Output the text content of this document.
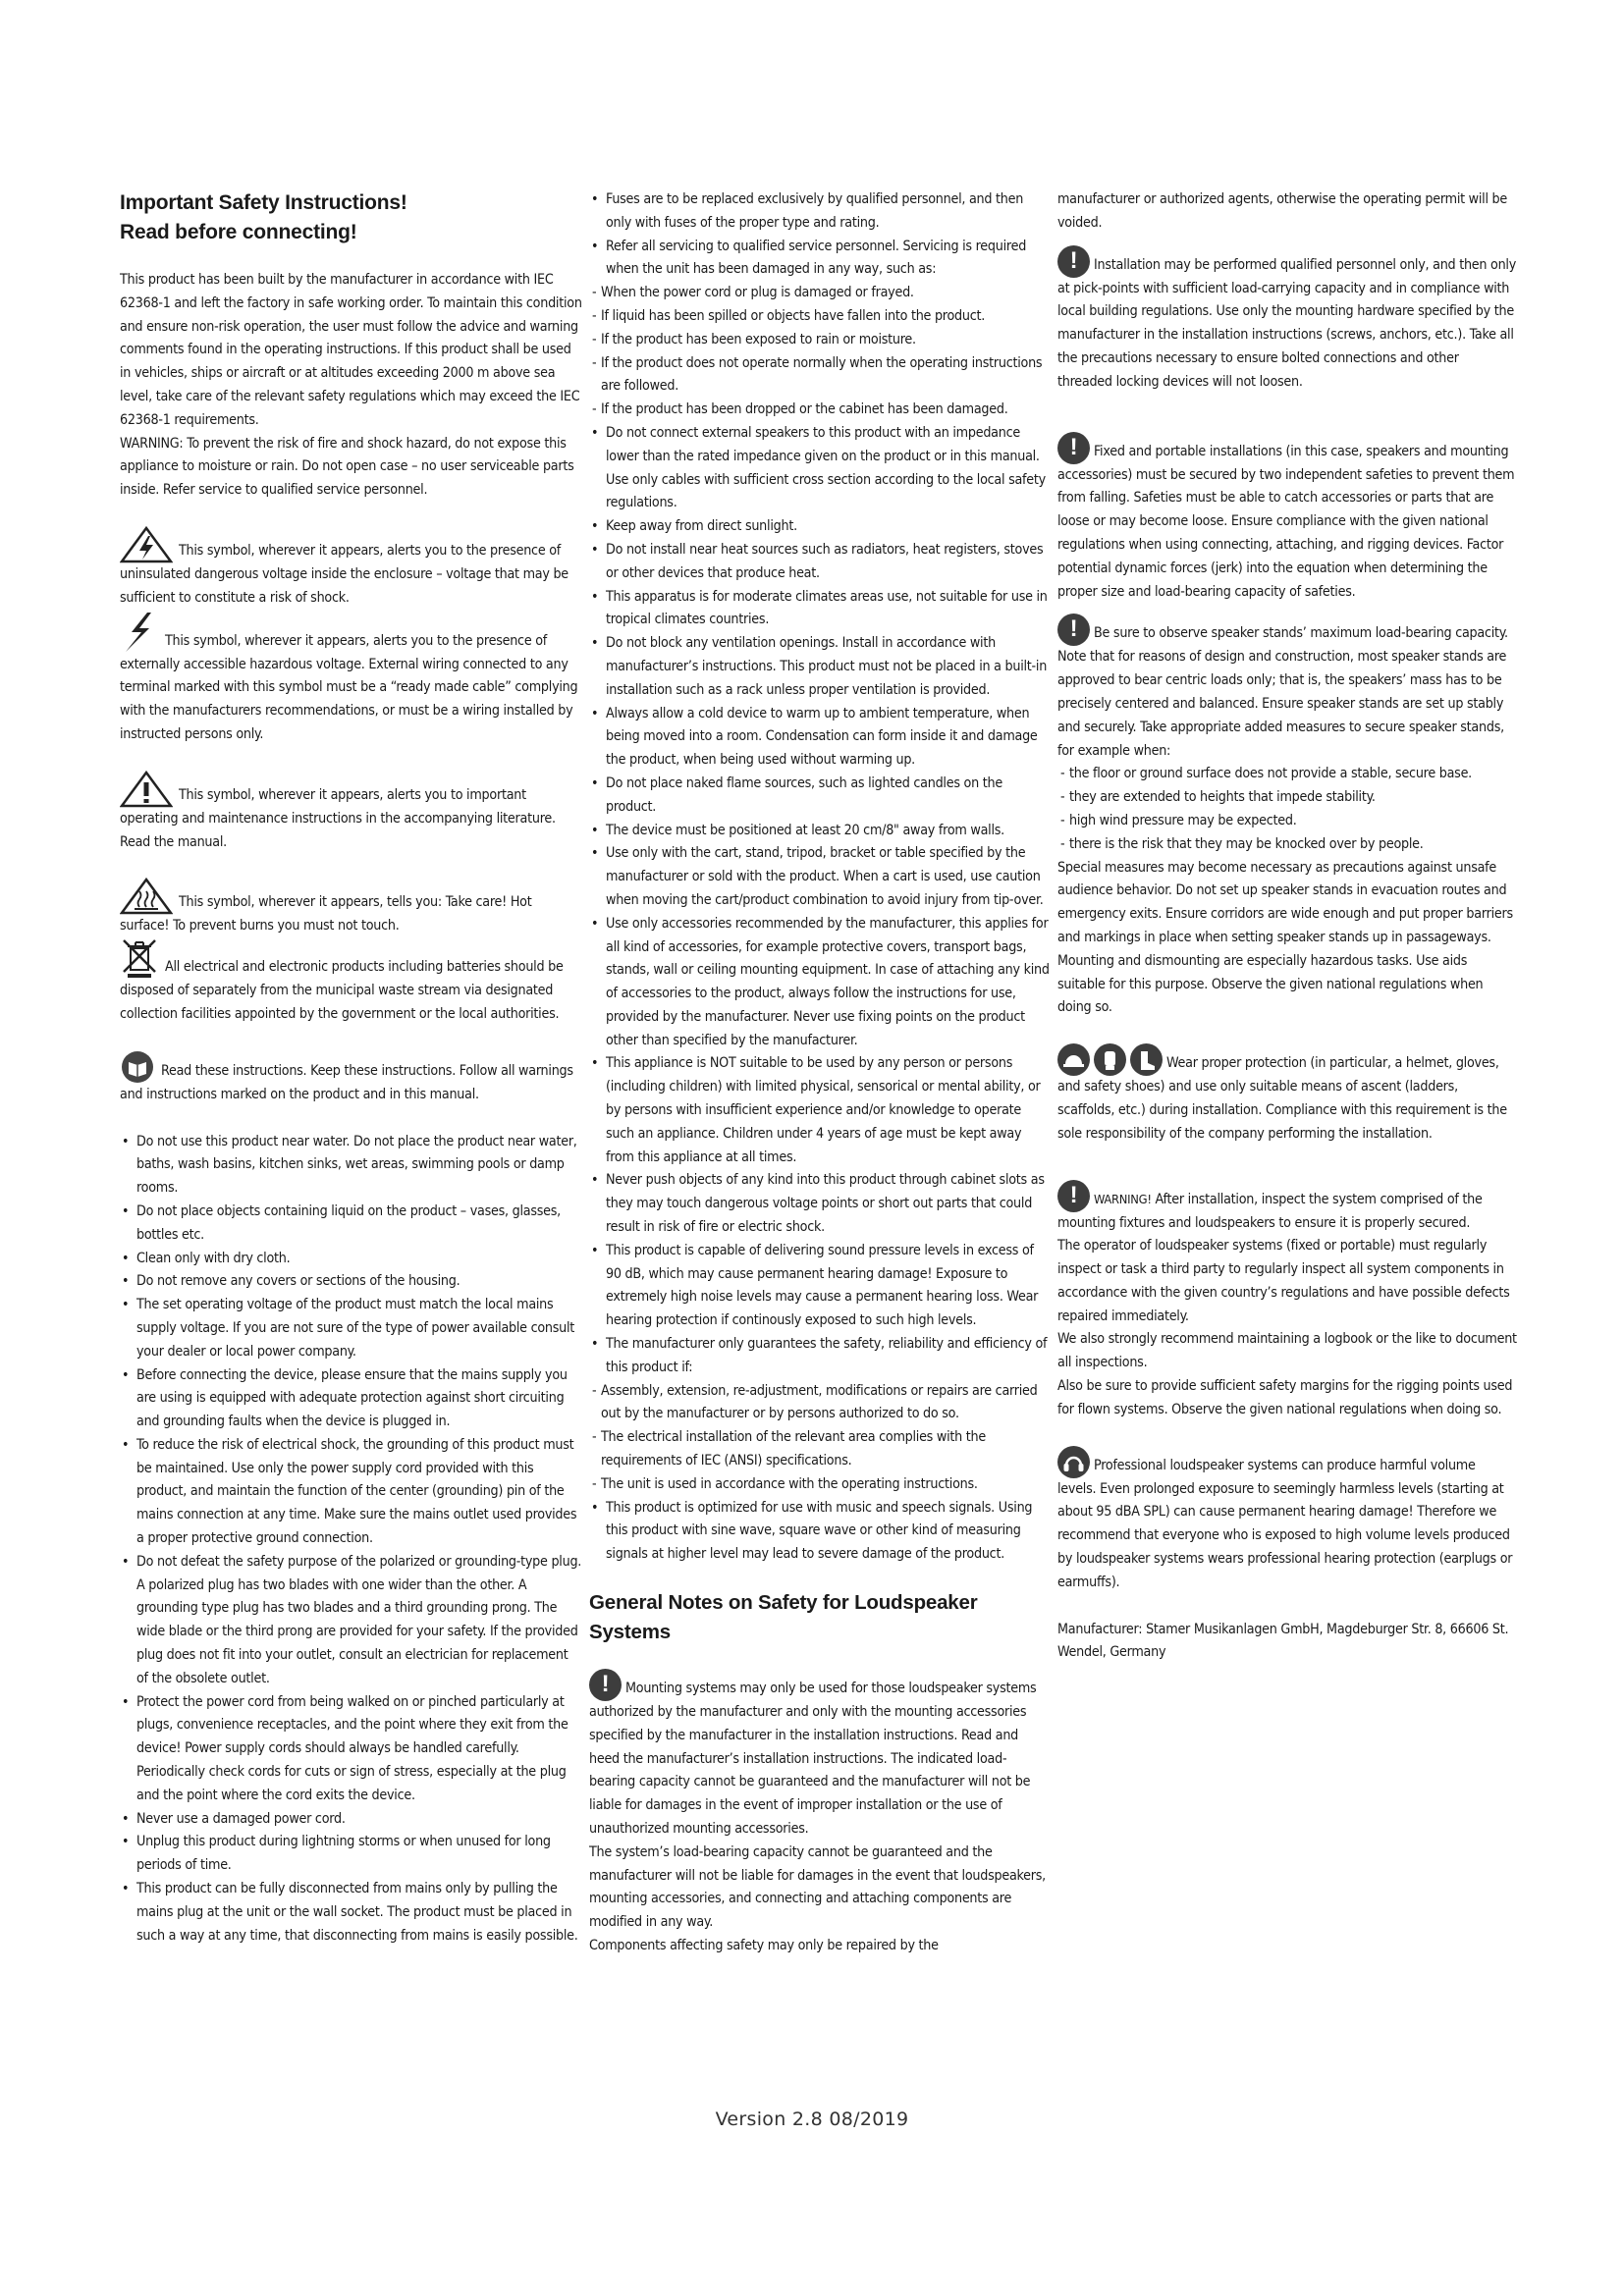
Important Safety Instructions!
Read before connecting!

This product has been built by the manufacturer in accordance with IEC 62368-1 and left the factory in safe working order. To maintain this condition and ensure non-risk operation, the user must follow the advice and warning comments found in the operating instructions. If this product shall be used in vehicles, ships or aircraft or at altitudes exceeding 2000 m above sea level, take care of the relevant safety regulations which may exceed the IEC 62368-1 requirements.

WARNING: To prevent the risk of fire and shock hazard, do not expose this appliance to moisture or rain. Do not open case – no user serviceable parts inside. Refer service to qualified service personnel.

This symbol, wherever it appears, alerts you to the presence of uninsulated dangerous voltage inside the enclosure – voltage that may be sufficient to constitute a risk of shock.

This symbol, wherever it appears, alerts you to the presence of externally accessible hazardous voltage. External wiring connected to any terminal marked with this symbol must be a “ready made cable” complying with the manufacturers recommendations, or must be a wiring installed by instructed persons only.

This symbol, wherever it appears, alerts you to important operating and maintenance instructions in the accompanying literature. Read the manual.

This symbol, wherever it appears, tells you: Take care! Hot surface! To prevent burns you must not touch.

All electrical and electronic products including batteries should be disposed of separately from the municipal waste stream via designated collection facilities appointed by the government or the local authorities.

Read these instructions. Keep these instructions. Follow all warnings and instructions marked on the product and in this manual.

• Do not use this product near water. Do not place the product near water, baths, wash basins, kitchen sinks, wet areas, swimming pools or damp rooms.
• Do not place objects containing liquid on the product – vases, glasses, bottles etc.
• Clean only with dry cloth.
• Do not remove any covers or sections of the housing.
• The set operating voltage of the product must match the local mains supply voltage. If you are not sure of the type of power available consult your dealer or local power company.
• Before connecting the device, please ensure that the mains supply you are using is equipped with adequate protection against short circuiting and grounding faults when the device is plugged in.
• To reduce the risk of electrical shock, the grounding of this product must be maintained. Use only the power supply cord provided with this product, and maintain the function of the center (grounding) pin of the mains connection at any time. Make sure the mains outlet used provides a proper protective ground connection.
• Do not defeat the safety purpose of the polarized or grounding-type plug. A polarized plug has two blades with one wider than the other. A grounding type plug has two blades and a third grounding prong. The wide blade or the third prong are provided for your safety. If the provided plug does not fit into your outlet, consult an electrician for replacement of the obsolete outlet.
• Protect the power cord from being walked on or pinched particularly at plugs, convenience receptacles, and the point where they exit from the device! Power supply cords should always be handled carefully. Periodically check cords for cuts or sign of stress, especially at the plug and the point where the cord exits the device.
• Never use a damaged power cord.
• Unplug this product during lightning storms or when unused for long periods of time.
• This product can be fully disconnected from mains only by pulling the mains plug at the unit or the wall socket. The product must be placed in such a way at any time, that disconnecting from mains is easily possible.
• Fuses are to be replaced exclusively by qualified personnel, and then only with fuses of the proper type and rating.
• Refer all servicing to qualified service personnel. Servicing is required when the unit has been damaged in any way, such as:
- When the power cord or plug is damaged or frayed.
- If liquid has been spilled or objects have fallen into the product.
- If the product has been exposed to rain or moisture.
- If the product does not operate normally when the operating instructions are followed.
- If the product has been dropped or the cabinet has been damaged.
• Do not connect external speakers to this product with an impedance lower than the rated impedance given on the product or in this manual. Use only cables with sufficient cross section according to the local safety regulations.
• Keep away from direct sunlight.
• Do not install near heat sources such as radiators, heat registers, stoves or other devices that produce heat.
• This apparatus is for moderate climates areas use, not suitable for use in tropical climates countries.
• Do not block any ventilation openings. Install in accordance with manufacturer’s instructions. This product must not be placed in a built-in installation such as a rack unless proper ventilation is provided.
• Always allow a cold device to warm up to ambient temperature, when being moved into a room. Condensation can form inside it and damage the product, when being used without warming up.
• Do not place naked flame sources, such as lighted candles on the product.
• The device must be positioned at least 20 cm/8" away from walls.
• Use only with the cart, stand, tripod, bracket or table specified by the manufacturer or sold with the product. When a cart is used, use caution when moving the cart/product combination to avoid injury from tip-over.
• Use only accessories recommended by the manufacturer, this applies for all kind of accessories, for example protective covers, transport bags, stands, wall or ceiling mounting equipment. In case of attaching any kind of accessories to the product, always follow the instructions for use, provided by the manufacturer. Never use fixing points on the product other than specified by the manufacturer.
• This appliance is NOT suitable to be used by any person or persons (including children) with limited physical, sensorical or mental ability, or by persons with insufficient experience and/or knowledge to operate such an appliance. Children under 4 years of age must be kept away from this appliance at all times.
• Never push objects of any kind into this product through cabinet slots as they may touch dangerous voltage points or short out parts that could result in risk of fire or electric shock.
• This product is capable of delivering sound pressure levels in excess of 90 dB, which may cause permanent hearing damage! Exposure to extremely high noise levels may cause a permanent hearing loss. Wear hearing protection if continously exposed to such high levels.
• The manufacturer only guarantees the safety, reliability and efficiency of this product if:
- Assembly, extension, re-adjustment, modifications or repairs are carried out by the manufacturer or by persons authorized to do so.
- The electrical installation of the relevant area complies with the requirements of IEC (ANSI) specifications.
- The unit is used in accordance with the operating instructions.
• This product is optimized for use with music and speech signals. Using this product with sine wave, square wave or other kind of measuring signals at higher level may lead to severe damage of the product.
General Notes on Safety for Loudspeaker Systems

!	Mounting systems may only be used for those loudspeaker systems authorized by the manufacturer and only with the mounting accessories specified by the manufacturer in the installation instructions. Read and heed the manufacturer’s installation instructions. The indicated load-bearing capacity cannot be guaranteed and the manufacturer will not be liable for damages in the event of improper installation or the use of unauthorized mounting accessories.

The system’s load-bearing capacity cannot be guaranteed and the manufacturer will not be liable for damages in the event that loudspeakers, mounting accessories, and connecting and attaching components are modified in any way.

Components affecting safety may only be repaired by the

manufacturer or authorized agents, otherwise the operating permit will be voided.

!	Installation may be performed qualified personnel only, and then only at pick-points with sufficient load-carrying capacity and in compliance with local building regulations. Use only the mounting hardware specified by the manufacturer in the installation instructions (screws, anchors, etc.). Take all the precautions necessary to ensure bolted connections and other threaded locking devices will not loosen.

!	Fixed and portable installations (in this case, speakers and mounting accessories) must be secured by two independent safeties to prevent them from falling. Safeties must be able to catch accessories or parts that are loose or may become loose. Ensure compliance with the given national regulations when using connecting, attaching, and rigging devices. Factor potential dynamic forces (jerk) into the equation when determining the proper size and load-bearing capacity of safeties.

!	Be sure to observe speaker stands’ maximum load-bearing capacity. Note that for reasons of design and construction, most speaker stands are approved to bear centric loads only; that is, the speakers’ mass has to be precisely centered and balanced. Ensure speaker stands are set up stably and securely. Take appropriate added measures to secure speaker stands, for example when:

- the floor or ground surface does not provide a stable, secure base.
- they are extended to heights that impede stability.
- high wind pressure may be expected.
- there is the risk that they may be knocked over by people.

Special measures may become necessary as precautions against unsafe audience behavior. Do not set up speaker stands in evacuation routes and emergency exits. Ensure corridors are wide enough and put proper barriers and markings in place when setting speaker stands up in passageways. Mounting and dismounting are especially hazardous tasks. Use aids suitable for this purpose. Observe the given national regulations when doing so.

Wear proper protection (in particular, a helmet, gloves, and safety shoes) and use only suitable means of ascent (ladders, scaffolds, etc.) during installation. Compliance with this requirement is the sole responsibility of the company performing the installation.

!	WARNING! After installation, inspect the system comprised of the mounting fixtures and loudspeakers to ensure it is properly secured.

The operator of loudspeaker systems (fixed or portable) must regularly inspect or task a third party to regularly inspect all system components in accordance with the given country’s regulations and have possible defects repaired immediately.

We also strongly recommend maintaining a logbook or the like to document all inspections.

Also be sure to provide sufficient safety margins for the rigging points used for flown systems. Observe the given national regulations when doing so.

Professional loudspeaker systems can produce harmful volume levels. Even prolonged exposure to seemingly harmless levels (starting at about 95 dBA SPL) can cause permanent hearing damage! Therefore we recommend that everyone who is exposed to high volume levels produced by loudspeaker systems wears professional hearing protection (earplugs or earmuffs).

Manufacturer: Stamer Musikanlagen GmbH, Magdeburger Str. 8, 66606 St. Wendel, Germany

Version 2.8 08/2019
